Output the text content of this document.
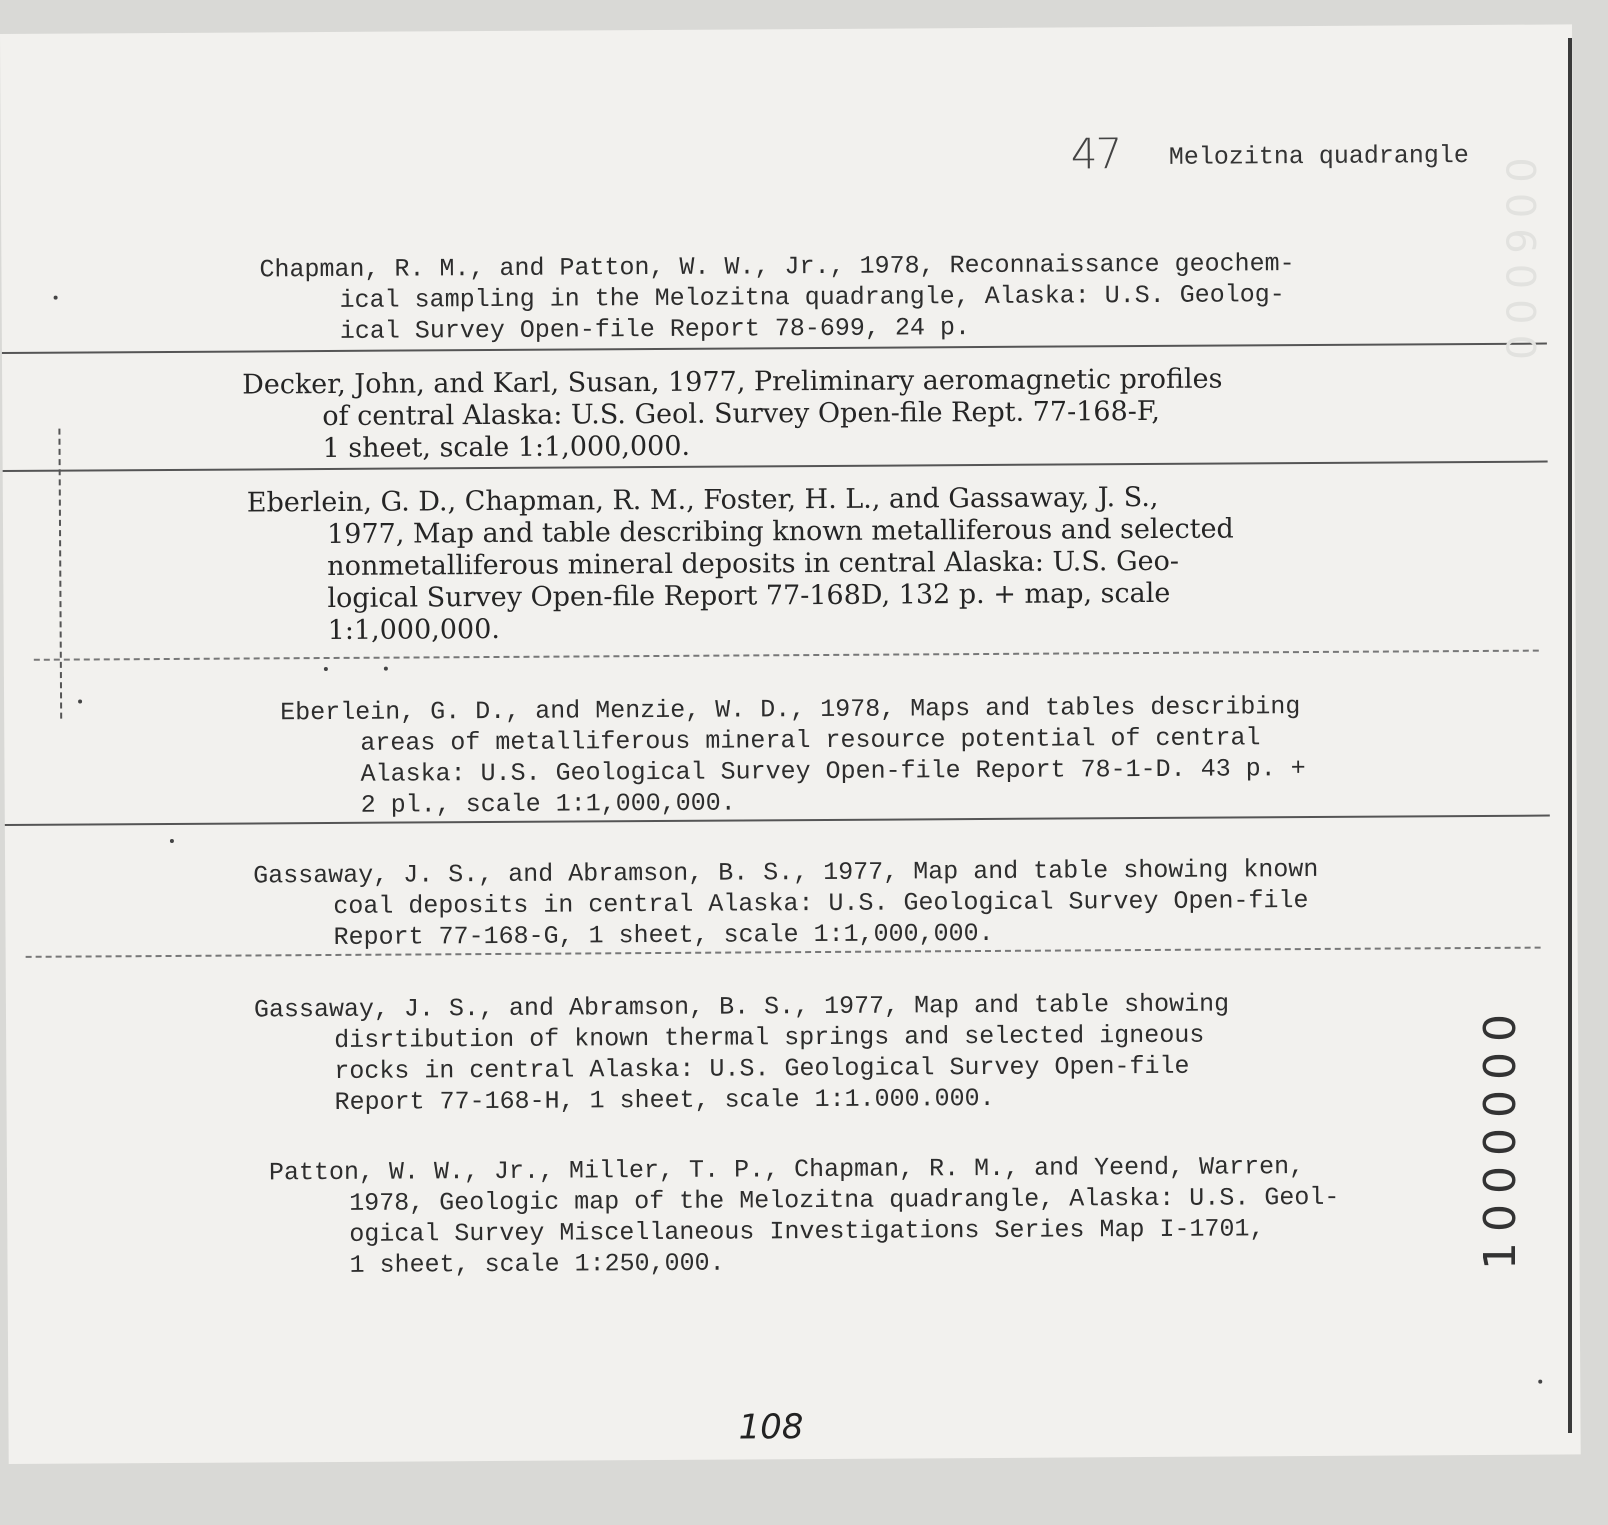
47 Melozitna quadrangle
Chapman, R. M., and Patton, W. W., Jr., 1978, Reconnaissance geochem-
ical sampling in the Melozitna quadrangle, Alaska: U.S. Geolog-
ical Survey Open-file Report 78-699, 24 p.
Decker, John, and Karl, Susan, 1977, Preliminary aeromagnetic profiles
of central Alaska: U.S. Geol. Survey Open-file Rept. 77-168-F,
1 sheet, scale 1:1,000,000.
Eberlein, G. D., Chapman, R. M., Foster, H. L., and Gassaway, J. S.,
1977, Map and table describing known metalliferous and selected
nonmetalliferous mineral deposits in central Alaska: U.S. Geo-
logical Survey Open-file Report 77-168D, 132 p. + map, scale
1:1,000,000.
Eberlein, G. D., and Menzie, W. D., 1978, Maps and tables describing
areas of metalliferous mineral resource potential of central
Alaska: U.S. Geological Survey Open-file Report 78-1-D. 43 p. +
2 pl., scale 1:1,000,000.
Gassaway, J. S., and Abramson, B. S., 1977, Map and table showing known
coal deposits in central Alaska: U.S. Geological Survey Open-file
Report 77-168-G, 1 sheet, scale 1:1,000,000.
Gassaway, J. S., and Abramson, B. S., 1977, Map and table showing
disrtibution of known thermal springs and selected igneous
rocks in central Alaska: U.S. Geological Survey Open-file
Report 77-168-H, 1 sheet, scale 1:1.000.000.
Patton, W. W., Jr., Miller, T. P., Chapman, R. M., and Yeend, Warren,
1978, Geologic map of the Melozitna quadrangle, Alaska: U.S. Geol-
ogical Survey Miscellaneous Investigations Series Map I-1701,
1 sheet, scale 1:250,000.
108
000900
1000000
